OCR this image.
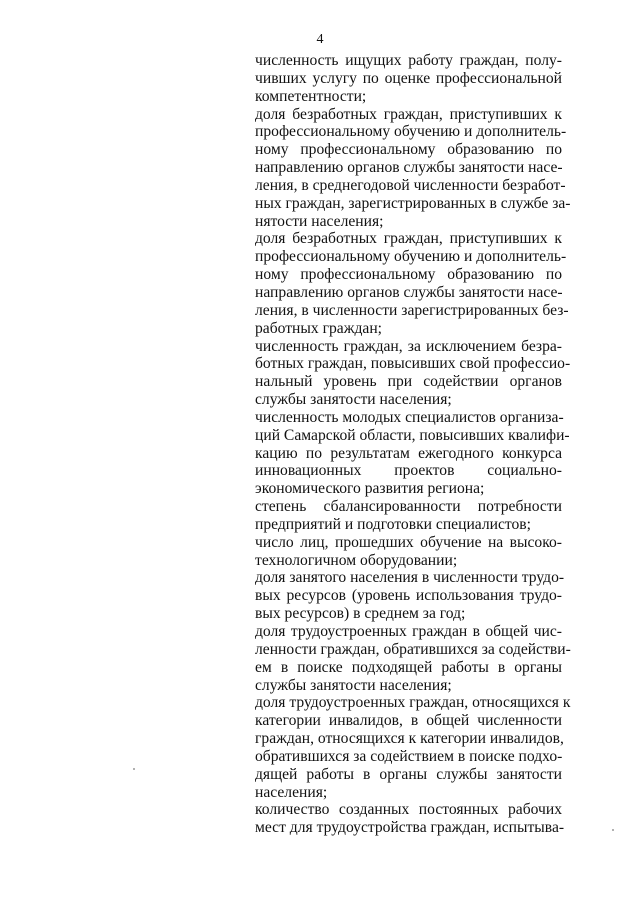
4
численность ищущих работу граждан, полу-
чивших услугу по оценке профессиональной
компетентности;
доля безработных граждан, приступивших к
профессиональному обучению и дополнитель-
ному профессиональному образованию по
направлению органов службы занятости насе-
ления, в среднегодовой численности безработ-
ных граждан, зарегистрированных в службе за-
нятости населения;
доля безработных граждан, приступивших к
профессиональному обучению и дополнитель-
ному профессиональному образованию по
направлению органов службы занятости насе-
ления, в численности зарегистрированных без-
работных граждан;
численность граждан, за исключением безра-
ботных граждан, повысивших свой профессио-
нальный уровень при содействии органов
службы занятости населения;
численность молодых специалистов организа-
ций Самарской области, повысивших квалифи-
кацию по результатам ежегодного конкурса
инновационных проектов социально-
экономического развития региона;
степень сбалансированности потребности
предприятий и подготовки специалистов;
число лиц, прошедших обучение на высоко-
технологичном оборудовании;
доля занятого населения в численности трудо-
вых ресурсов (уровень использования трудо-
вых ресурсов) в среднем за год;
доля трудоустроенных граждан в общей чис-
ленности граждан, обратившихся за содействи-
ем в поиске подходящей работы в органы
службы занятости населения;
доля трудоустроенных граждан, относящихся к
категории инвалидов, в общей численности
граждан, относящихся к категории инвалидов,
обратившихся за содействием в поиске подхо-
дящей работы в органы службы занятости
населения;
количество созданных постоянных рабочих
мест для трудоустройства граждан, испытыва-
